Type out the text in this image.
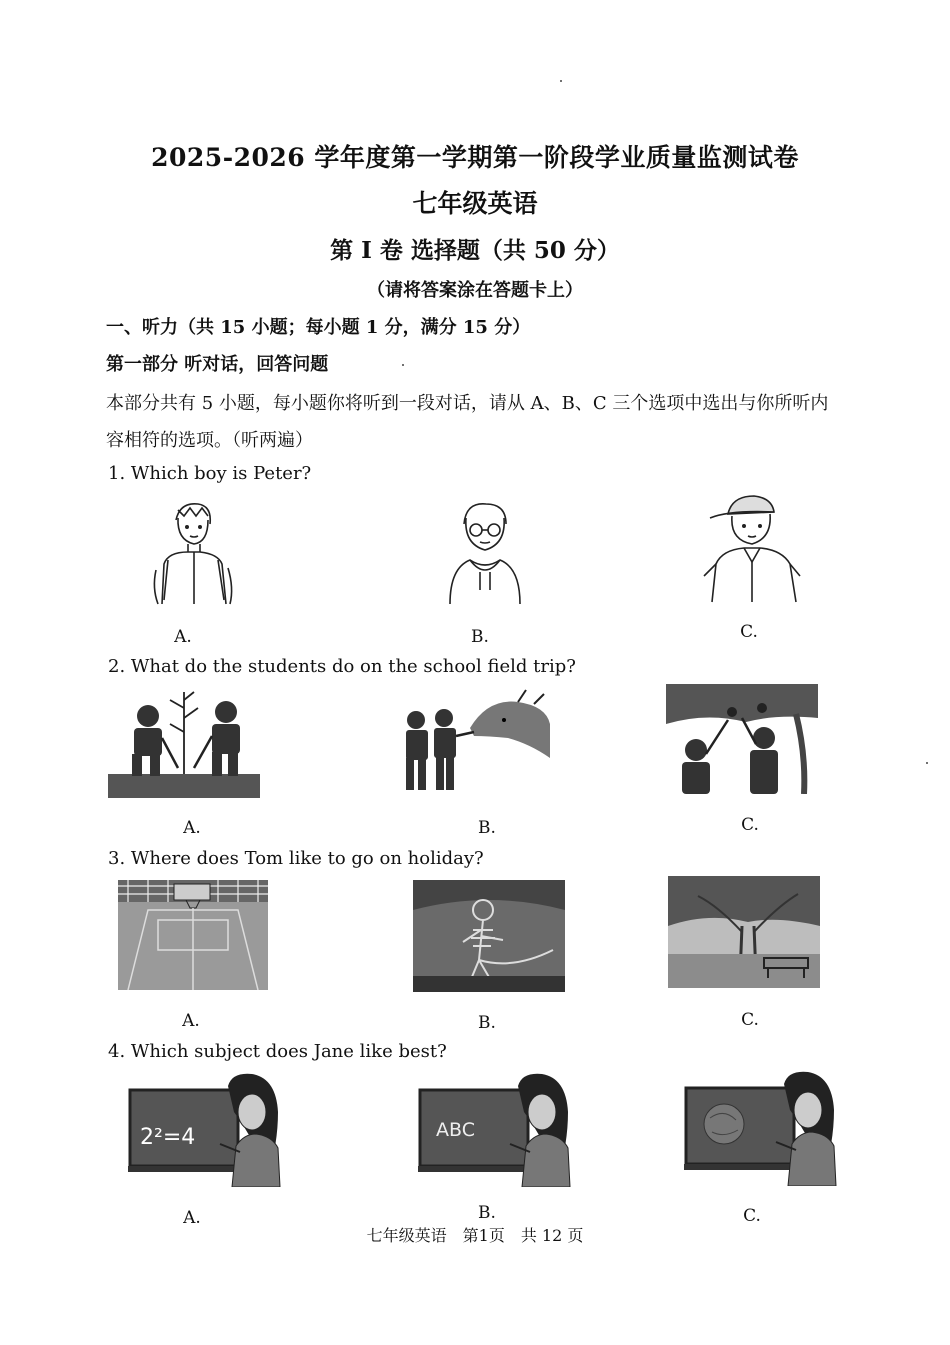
2025-2026 学年度第一学期第一阶段学业质量监测试卷
七年级英语
第 I 卷 选择题（共 50 分）
（请将答案涂在答题卡上）
一、听力（共 15 小题；每小题 1 分，满分 15 分）
第一部分 听对话，回答问题
本部分共有 5 小题，每小题你将听到一段对话，请从 A、B、C 三个选项中选出与你所听内容相符的选项。（听两遍）
1. Which boy is Peter?
A.	B.	C.
2. What do the students do on the school field trip?
A.	B.	C.
3. Where does Tom like to go on holiday?
A.	B.	C.
4. Which subject does Jane like best?
2²=4	ABC
A.	B.	C.
七年级英语　第1页　共 12 页
